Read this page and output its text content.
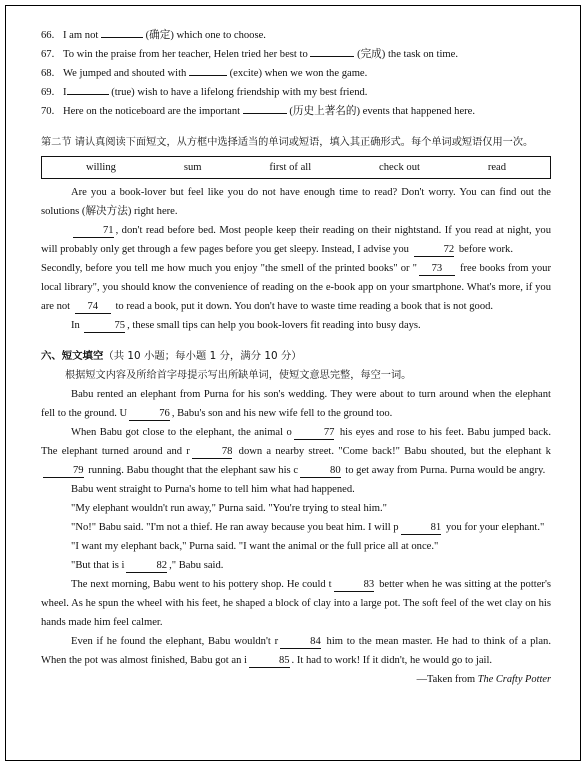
66. I am not	(确定) which one to choose.
67. To win the praise from her teacher, Helen tried her best to	(完成) the task on time.
68. We jumped and shouted with	(excite) when we won the game.
69. I	(true) wish to have a lifelong friendship with my best friend.
70. Here on the noticeboard are the important	(历史上著名的) events that happened here.
第二节 请认真阅读下面短文，从方框中选择适当的单词或短语，填入其正确形式。每个单词或短语仅用一次。
willing	sum	first of all	check out	read
Are you a book-lover but feel like you do not have enough time to read? Don't worry. You can find out the solutions (解决方法) right here.
71 , don't read before bed. Most people keep their reading on their nightstand. If you read at night, you will probably only get through a few pages before you get sleepy. Instead, I advise you	72 before work.
Secondly, before you tell me how much you enjoy "the smell of the printed books" or " 73 free books from your local library", you should know the convenience of reading on the e-book app on your smartphone. What's more, if you are not 74 to read a book, put it down. You don't have to waste time reading a book that is not good.
In	75 , these small tips can help you book-lovers fit reading into busy days.
六、短文填空（共 10 小题；每小题 1 分，满分 10 分）
根据短文内容及所给首字母提示写出所缺单词，使短文意思完整，每空一词。
Babu rented an elephant from Purna for his son's wedding. They were about to turn around when the elephant fell to the ground. U	76 , Babu's son and his new wife fell to the ground too.
When Babu got close to the elephant, the animal o	77 his eyes and rose to his feet. Babu jumped back. The elephant turned around and r	78 down a nearby street. "Come back!" Babu shouted, but the elephant k79 running. Babu thought that the elephant saw his c	80 to get away from Purna. Purna would be angry.
Babu went straight to Purna's home to tell him what had happened.
"My elephant wouldn't run away," Purna said. "You're trying to steal him."
"No!" Babu said. "I'm not a thief. He ran away because you beat him. I will p	81 you for your elephant."
"I want my elephant back," Purna said. "I want the animal or the full price all at once."
"But that is i	82 ," Babu said.
The next morning, Babu went to his pottery shop. He could t	83 better when he was sitting at the potter's wheel. As he spun the wheel with his feet, he shaped a block of clay into a large pot. The soft feel of the wet clay on his hands made him feel calmer.
Even if he found the elephant, Babu wouldn't r	84 him to the mean master. He had to think of a plan. When the pot was almost finished, Babu got an i	85 . It had to work! If it didn't, he would go to jail.
—Taken from The Crafty Potter
